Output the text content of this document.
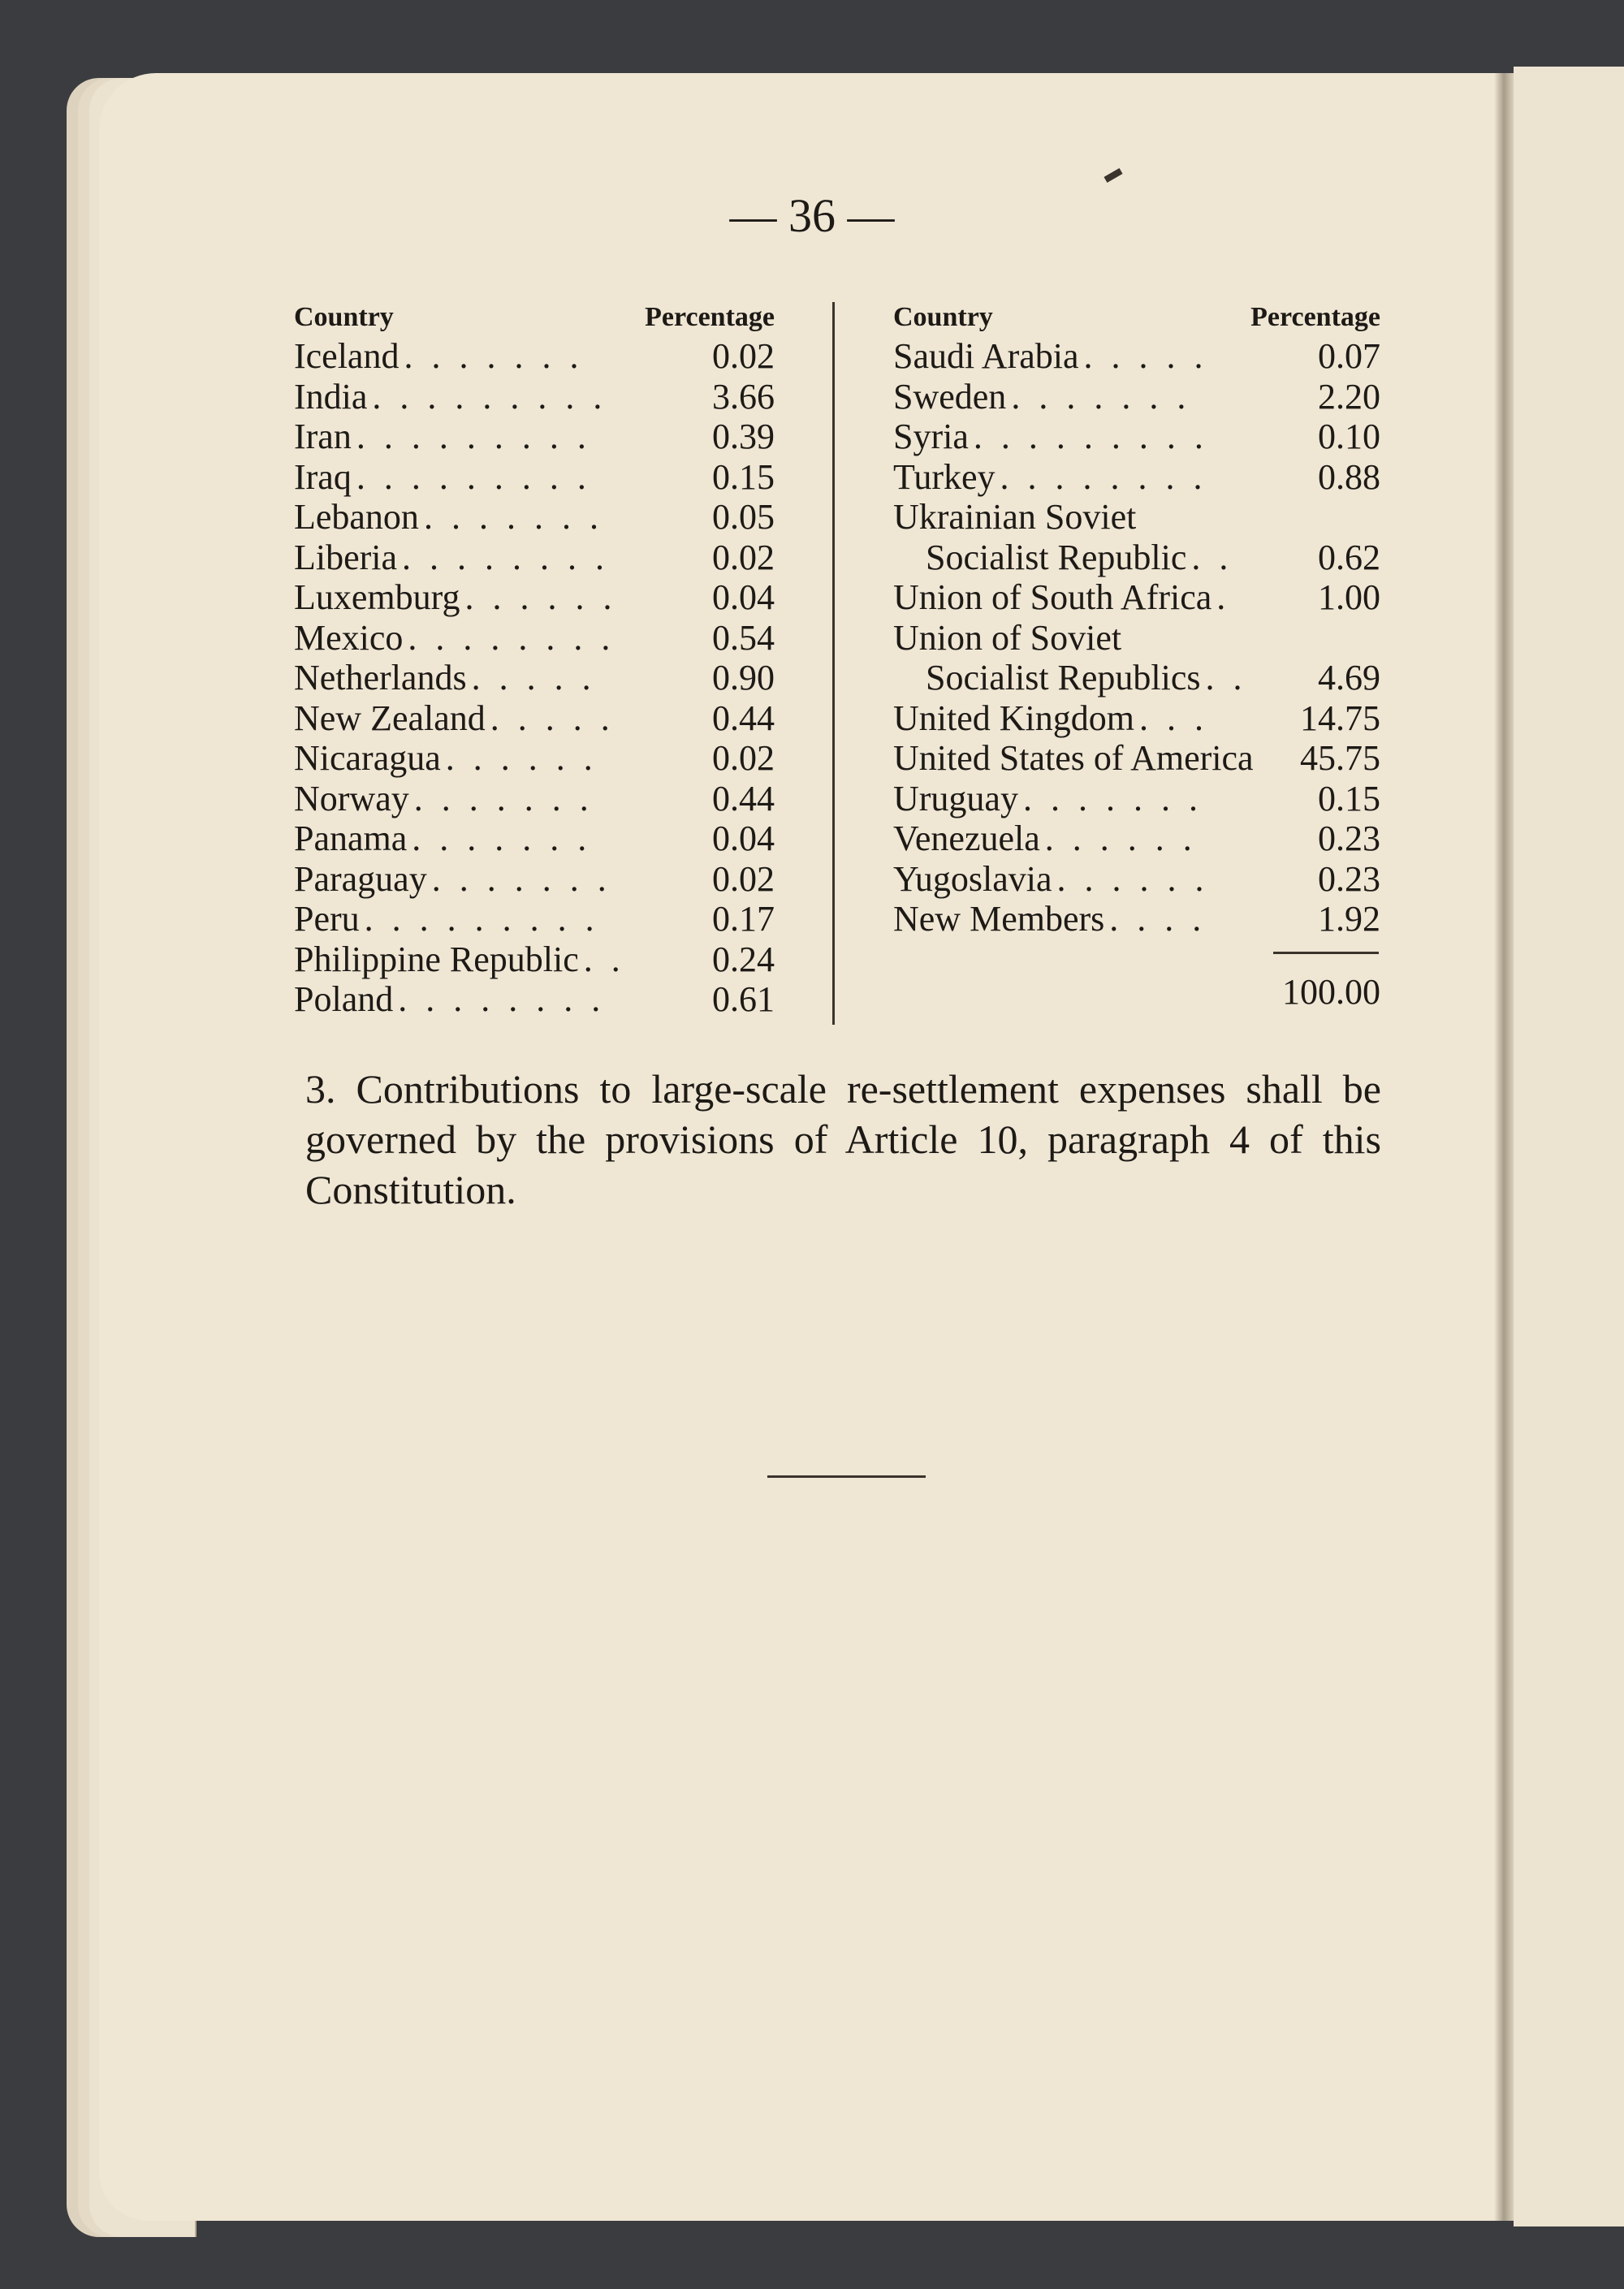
— 36 —
Country	Percentage
Iceland . . . . . . .	0.02
India . . . . . . . . .	3.66
Iran . . . . . . . . .	0.39
Iraq . . . . . . . . .	0.15
Lebanon . . . . . . .	0.05
Liberia . . . . . . . .	0.02
Luxemburg . . . . . .	0.04
Mexico . . . . . . . .	0.54
Netherlands . . . . .	0.90
New Zealand . . . . .	0.44
Nicaragua . . . . . .	0.02
Norway . . . . . . .	0.44
Panama . . . . . . .	0.04
Paraguay . . . . . . .	0.02
Peru . . . . . . . . .	0.17
Philippine Republic . .	0.24
Poland . . . . . . . .	0.61
Country	Percentage
Saudi Arabia . . . . .	0.07
Sweden . . . . . . .	2.20
Syria . . . . . . . . .	0.10
Turkey . . . . . . . .	0.88
Ukrainian Soviet
Socialist Republic . .	0.62
Union of South Africa .	1.00
Union of Soviet
Socialist Republics . .	4.69
United Kingdom . . .	14.75
United States of America 45.75
Uruguay . . . . . . .	0.15
Venezuela . . . . . .	0.23
Yugoslavia . . . . . .	0.23
New Members . . . .	1.92
100.00
3. Contributions to large-scale re-settlement expenses shall be governed by the provisions of Article 10, paragraph 4 of this Constitution.
